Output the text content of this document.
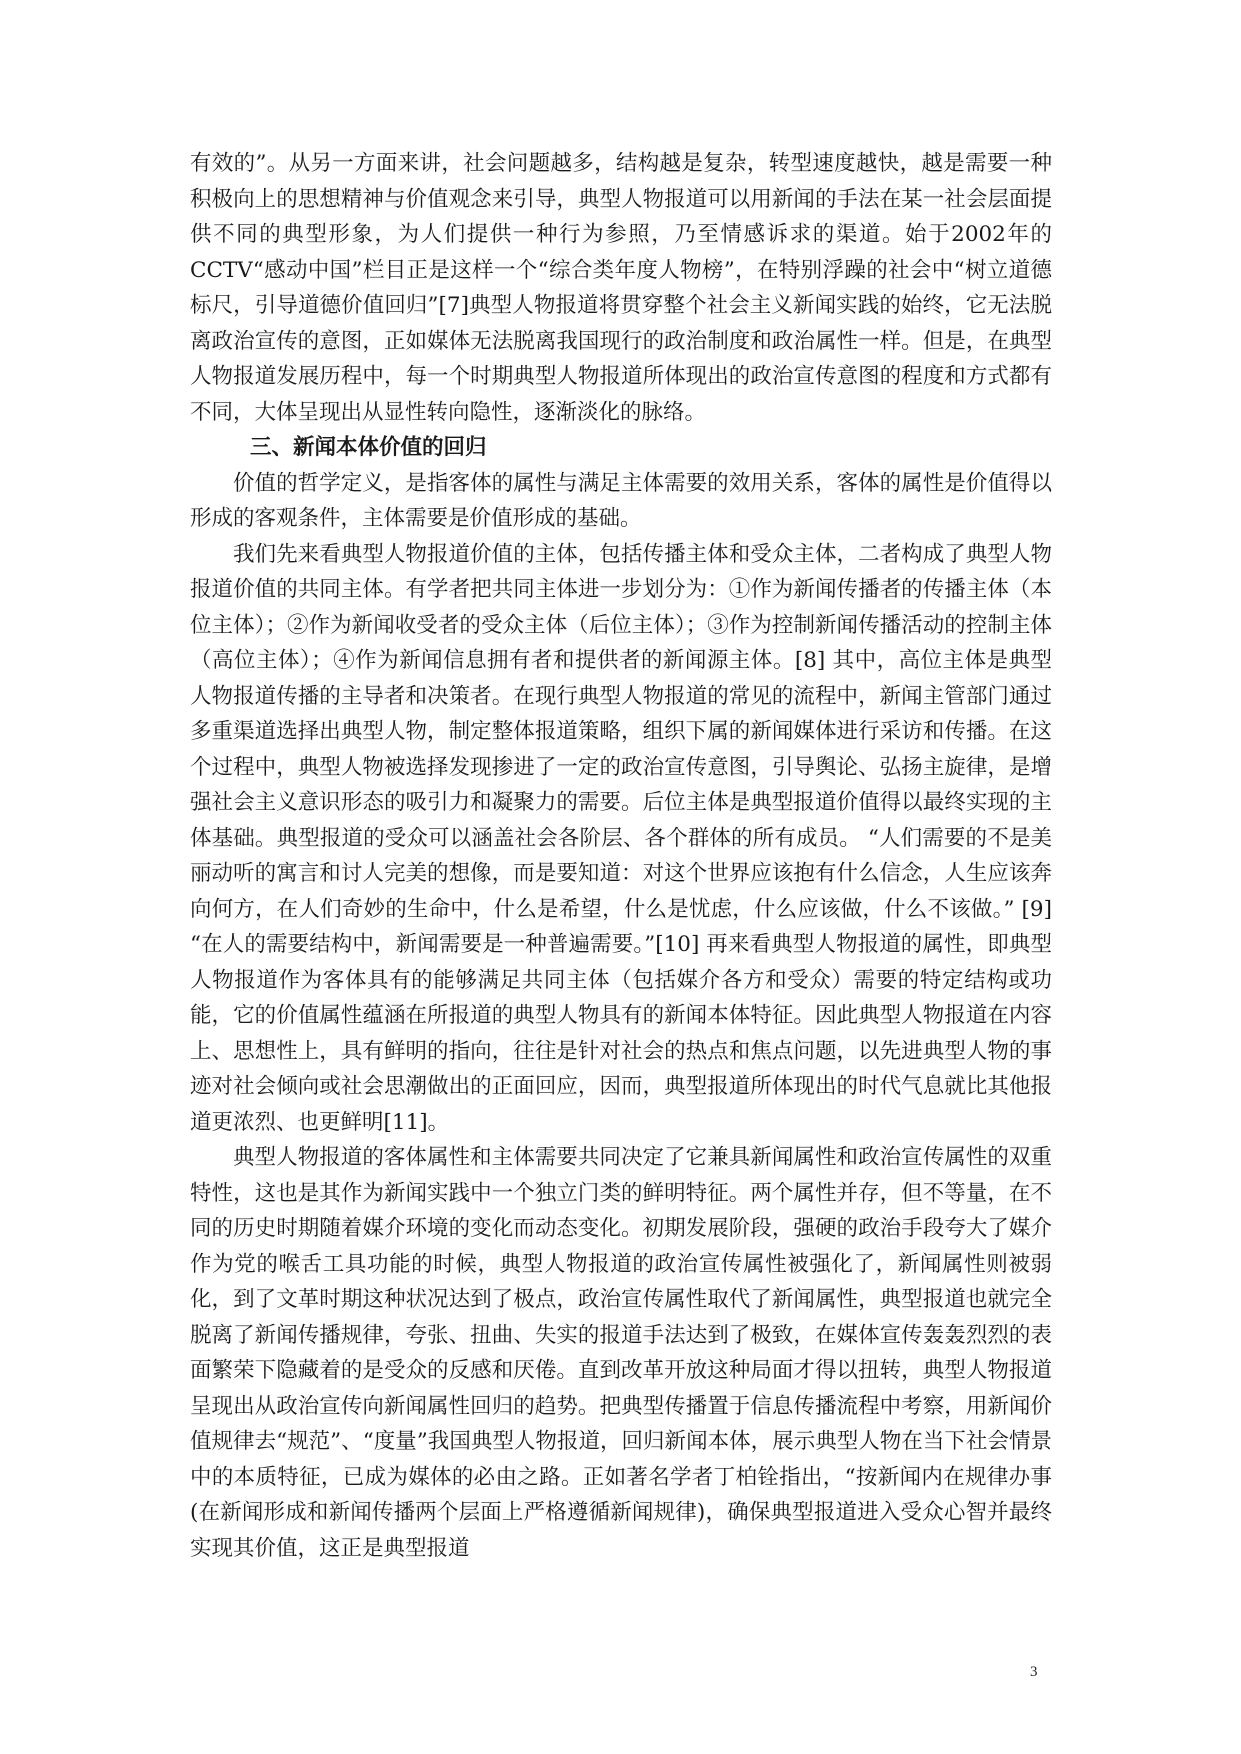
有效的”。从另一方面来讲，社会问题越多，结构越是复杂，转型速度越快，越是需要一种积极向上的思想精神与价值观念来引导，典型人物报道可以用新闻的手法在某一社会层面提供不同的典型形象，为人们提供一种行为参照，乃至情感诉求的渠道。始于2002年的CCTV“感动中国”栏目正是这样一个“综合类年度人物榜”，在特别浮躁的社会中“树立道德标尺，引导道德价值回归”[7]典型人物报道将贯穿整个社会主义新闻实践的始终，它无法脱离政治宣传的意图，正如媒体无法脱离我国现行的政治制度和政治属性一样。但是，在典型人物报道发展历程中，每一个时期典型人物报道所体现出的政治宣传意图的程度和方式都有不同，大体呈现出从显性转向隐性，逐渐淡化的脉络。

三、新闻本体价值的回归

价值的哲学定义，是指客体的属性与满足主体需要的效用关系，客体的属性是价值得以形成的客观条件，主体需要是价值形成的基础。

我们先来看典型人物报道价值的主体，包括传播主体和受众主体，二者构成了典型人物报道价值的共同主体。有学者把共同主体进一步划分为：①作为新闻传播者的传播主体（本位主体）；②作为新闻收受者的受众主体（后位主体）；③作为控制新闻传播活动的控制主体（高位主体）；④作为新闻信息拥有者和提供者的新闻源主体。[8] 其中，高位主体是典型人物报道传播的主导者和决策者。在现行典型人物报道的常见的流程中，新闻主管部门通过多重渠道选择出典型人物，制定整体报道策略，组织下属的新闻媒体进行采访和传播。在这个过程中，典型人物被选择发现掺进了一定的政治宣传意图，引导舆论、弘扬主旋律，是增强社会主义意识形态的吸引力和凝聚力的需要。后位主体是典型报道价值得以最终实现的主体基础。典型报道的受众可以涵盖社会各阶层、各个群体的所有成员。 “人们需要的不是美丽动听的寓言和讨人完美的想像，而是要知道：对这个世界应该抱有什么信念，人生应该奔向何方，在人们奇妙的生命中，什么是希望，什么是忧虑，什么应该做，什么不该做。” [9] “在人的需要结构中，新闻需要是一种普遍需要。”[10] 再来看典型人物报道的属性，即典型人物报道作为客体具有的能够满足共同主体（包括媒介各方和受众）需要的特定结构或功能，它的价值属性蕴涵在所报道的典型人物具有的新闻本体特征。因此典型人物报道在内容上、思想性上，具有鲜明的指向，往往是针对社会的热点和焦点问题，以先进典型人物的事迹对社会倾向或社会思潮做出的正面回应，因而，典型报道所体现出的时代气息就比其他报道更浓烈、也更鲜明[11]。

典型人物报道的客体属性和主体需要共同决定了它兼具新闻属性和政治宣传属性的双重特性，这也是其作为新闻实践中一个独立门类的鲜明特征。两个属性并存，但不等量，在不同的历史时期随着媒介环境的变化而动态变化。初期发展阶段，强硬的政治手段夸大了媒介作为党的喉舌工具功能的时候，典型人物报道的政治宣传属性被强化了，新闻属性则被弱化，到了文革时期这种状况达到了极点，政治宣传属性取代了新闻属性，典型报道也就完全脱离了新闻传播规律，夸张、扭曲、失实的报道手法达到了极致，在媒体宣传轰轰烈烈的表面繁荣下隐藏着的是受众的反感和厌倦。直到改革开放这种局面才得以扭转，典型人物报道呈现出从政治宣传向新闻属性回归的趋势。把典型传播置于信息传播流程中考察，用新闻价值规律去“规范”、“度量”我国典型人物报道，回归新闻本体，展示典型人物在当下社会情景中的本质特征，已成为媒体的必由之路。正如著名学者丁柏铨指出，“按新闻内在规律办事(在新闻形成和新闻传播两个层面上严格遵循新闻规律)，确保典型报道进入受众心智并最终实现其价值，这正是典型报道

3
